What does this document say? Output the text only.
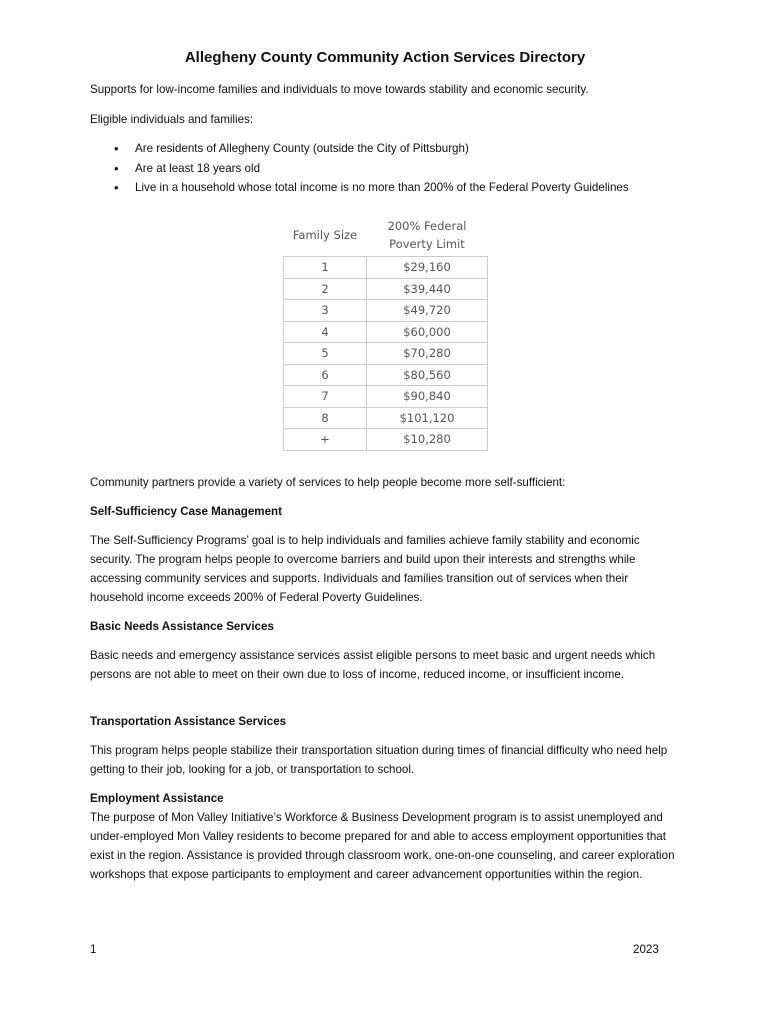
Allegheny County Community Action Services Directory

Supports for low-income families and individuals to move towards stability and economic security.

Eligible individuals and families:

• Are residents of Allegheny County (outside the City of Pittsburgh)
• Are at least 18 years old
• Live in a household whose total income is no more than 200% of the Federal Poverty Guidelines
Family Size	200% Federal Poverty Limit
1	$29,160
2	$39,440
3	$49,720
4	$60,000
5	$70,280
6	$80,560
7	$90,840
8	$101,120
+	$10,280

Community partners provide a variety of services to help people become more self-sufficient:

Self-Sufficiency Case Management

The Self-Sufficiency Programs’ goal is to help individuals and families achieve family stability and economic security. The program helps people to overcome barriers and build upon their interests and strengths while accessing community services and supports. Individuals and families transition out of services when their household income exceeds 200% of Federal Poverty Guidelines.

Basic Needs Assistance Services

Basic needs and emergency assistance services assist eligible persons to meet basic and urgent needs which persons are not able to meet on their own due to loss of income, reduced income, or insufficient income.

Transportation Assistance Services

This program helps people stabilize their transportation situation during times of financial difficulty who need help getting to their job, looking for a job, or transportation to school.

Employment Assistance

The purpose of Mon Valley Initiative’s Workforce & Business Development program is to assist unemployed and under-employed Mon Valley residents to become prepared for and able to access employment opportunities that exist in the region. Assistance is provided through classroom work, one-on-one counseling, and career exploration workshops that expose participants to employment and career advancement opportunities within the region.

1	2023
